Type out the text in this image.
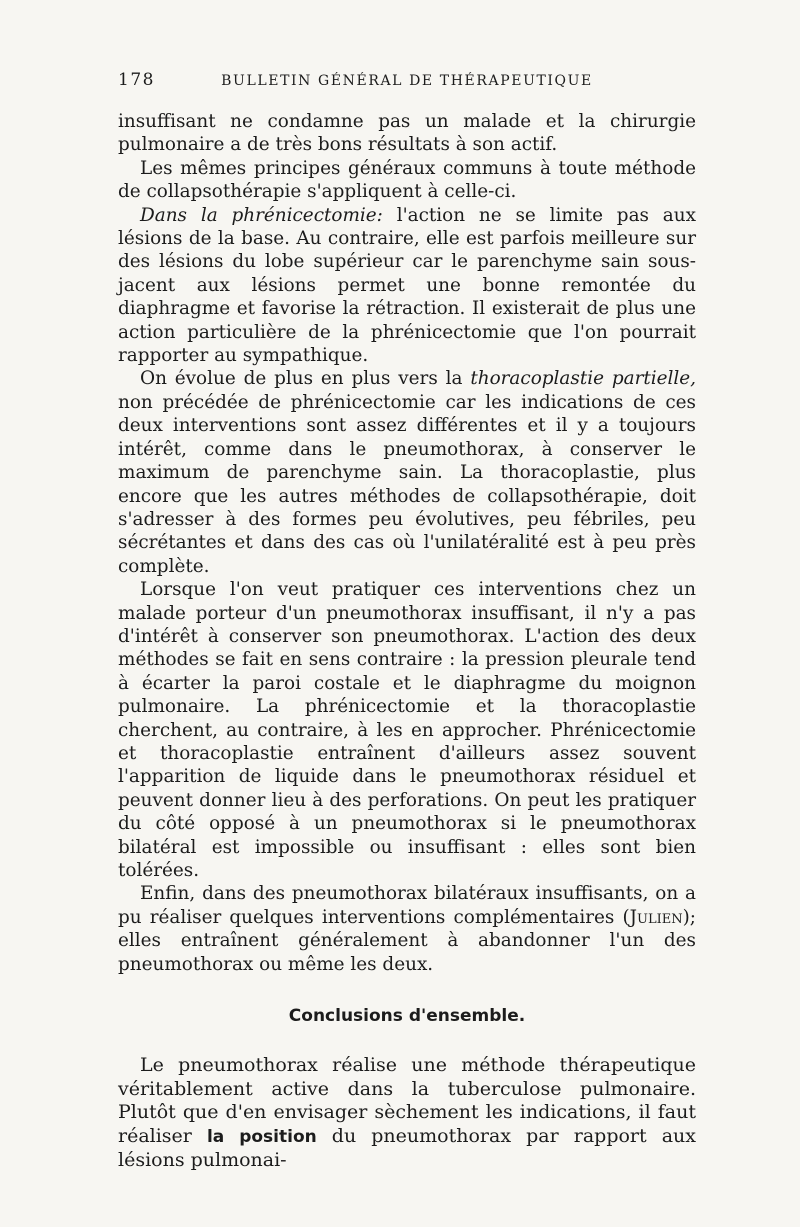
178	BULLETIN GÉNÉRAL DE THÉRAPEUTIQUE

insuffisant ne condamne pas un malade et la chirurgie pulmonaire a de très bons résultats à son actif.

Les mêmes principes généraux communs à toute méthode de collapsothérapie s'appliquent à celle-ci.

Dans la phrénicectomie: l'action ne se limite pas aux lésions de la base. Au contraire, elle est parfois meilleure sur des lésions du lobe supérieur car le parenchyme sain sous-jacent aux lésions permet une bonne remontée du diaphragme et favorise la rétraction. Il existerait de plus une action particulière de la phrénicectomie que l'on pourrait rapporter au sympathique.

On évolue de plus en plus vers la thoracoplastie partielle, non précédée de phrénicectomie car les indications de ces deux interventions sont assez différentes et il y a toujours intérêt, comme dans le pneumothorax, à conserver le maximum de parenchyme sain. La thoracoplastie, plus encore que les autres méthodes de collapsothérapie, doit s'adresser à des formes peu évolutives, peu fébriles, peu sécrétantes et dans des cas où l'unilatéralité est à peu près complète.

Lorsque l'on veut pratiquer ces interventions chez un malade porteur d'un pneumothorax insuffisant, il n'y a pas d'intérêt à conserver son pneumothorax. L'action des deux méthodes se fait en sens contraire : la pression pleurale tend à écarter la paroi costale et le diaphragme du moignon pulmonaire. La phrénicectomie et la thoracoplastie cherchent, au contraire, à les en approcher. Phrénicectomie et thoracoplastie entraînent d'ailleurs assez souvent l'apparition de liquide dans le pneumothorax résiduel et peuvent donner lieu à des perforations. On peut les pratiquer du côté opposé à un pneumothorax si le pneumothorax bilatéral est impossible ou insuffisant : elles sont bien tolérées.

Enfin, dans des pneumothorax bilatéraux insuffisants, on a pu réaliser quelques interventions complémentaires (Julien); elles entraînent généralement à abandonner l'un des pneumothorax ou même les deux.

Conclusions d'ensemble.

Le pneumothorax réalise une méthode thérapeutique véritablement active dans la tuberculose pulmonaire. Plutôt que d'en envisager sèchement les indications, il faut réaliser la position du pneumothorax par rapport aux lésions pulmonai-
